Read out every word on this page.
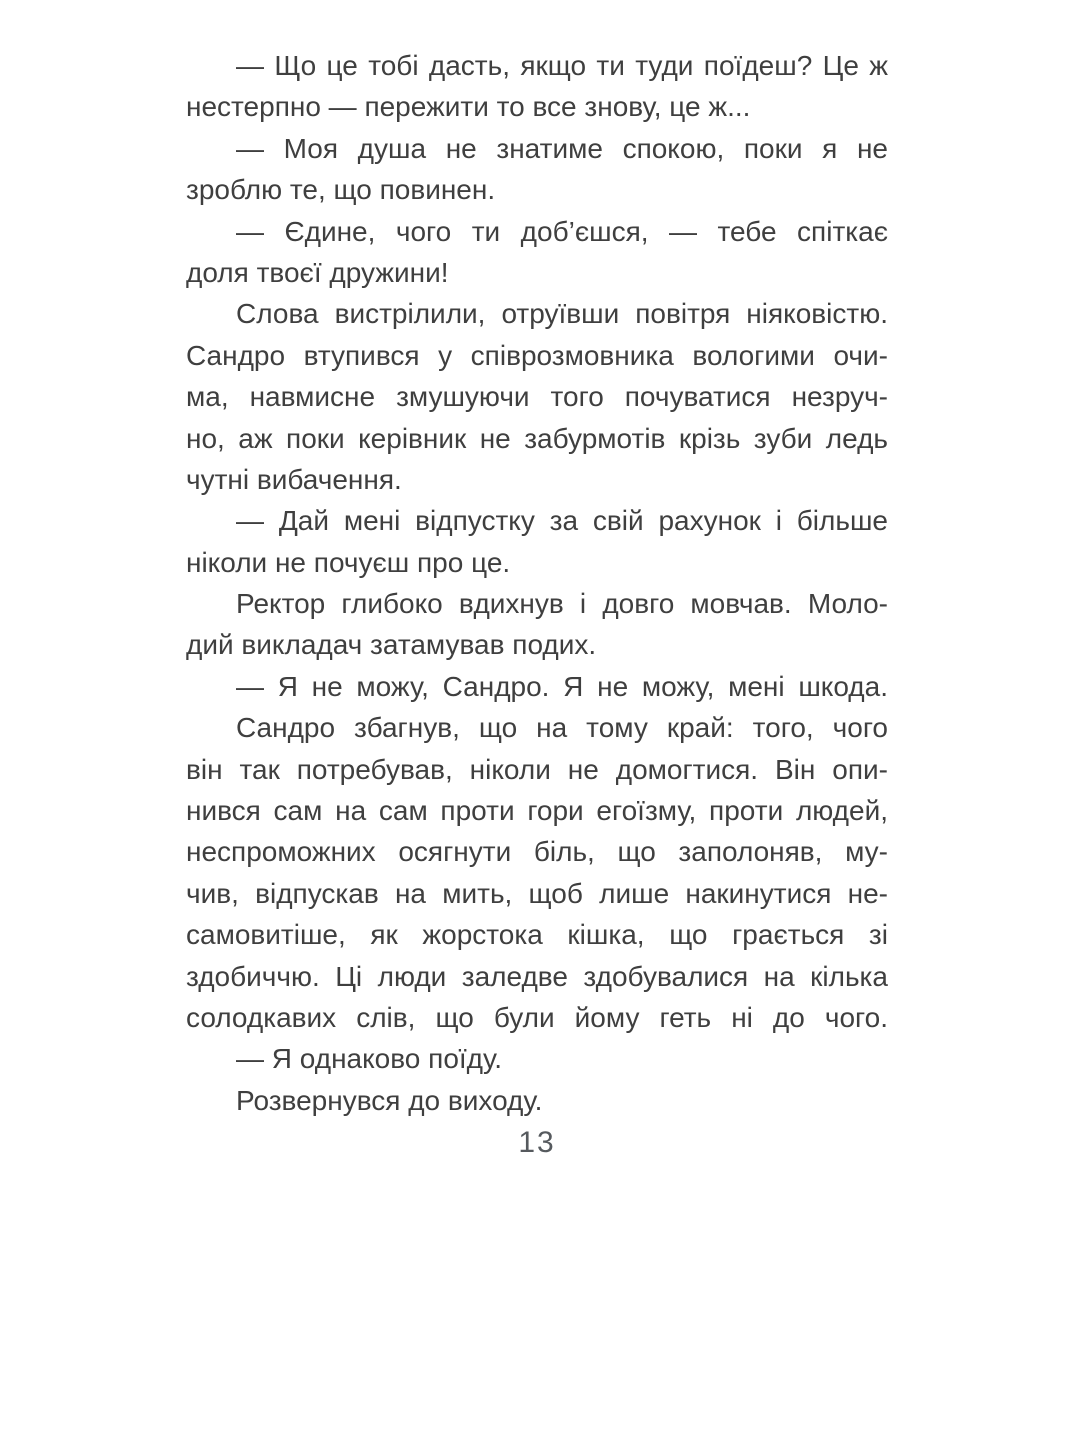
— Що це тобі дасть, якщо ти туди поїдеш? Це ж
нестерпно — пережити то все знову, це ж...
— Моя душа не знатиме спокою, поки я не
зроблю те, що повинен.
— Єдине, чого ти доб’єшся, — тебе спіткає
доля твоєї дружини!
Слова вистрілили, отруївши повітря ніяковістю.
Сандро втупився у співрозмовника вологими очи-
ма, навмисне змушуючи того почуватися незруч-
но, аж поки керівник не забурмотів крізь зуби ледь
чутні вибачення.
— Дай мені відпустку за свій рахунок і більше
ніколи не почуєш про це.
Ректор глибоко вдихнув і довго мовчав. Моло-
дий викладач затамував подих.
— Я не можу, Сандро. Я не можу, мені шкода.
Сандро збагнув, що на тому край: того, чого
він так потребував, ніколи не домогтися. Він опи-
нився сам на сам проти гори егоїзму, проти людей,
неспроможних осягнути біль, що заполоняв, му-
чив, відпускав на мить, щоб лише накинутися не-
самовитіше, як жорстока кішка, що грається зі
здобиччю. Ці люди заледве здобувалися на кілька
солодкавих слів, що були йому геть ні до чого.
— Я однаково поїду.
Розвернувся до виходу.
13
